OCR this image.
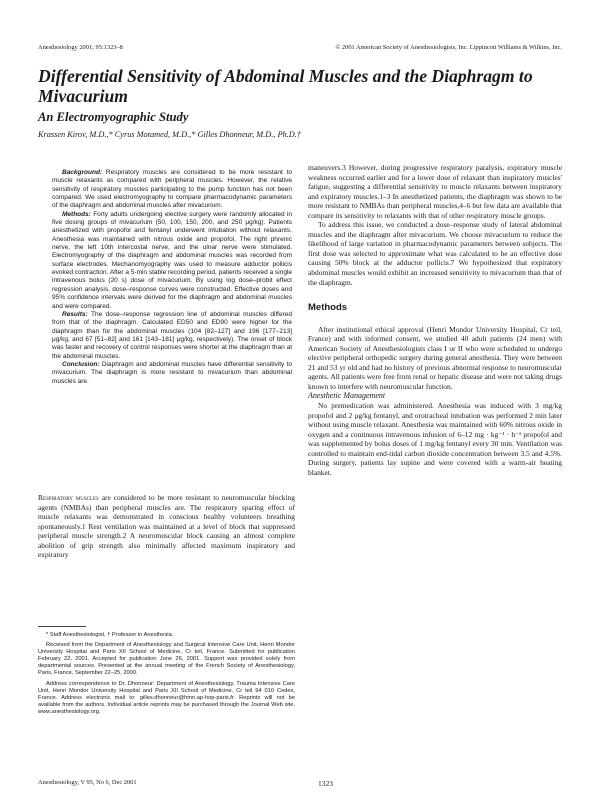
Anesthesiology 2001; 95:1323–8	© 2001 American Society of Anesthesiologists, Inc. Lippincott Williams & Wilkins, Inc.
Differential Sensitivity of Abdominal Muscles and the Diaphragm to Mivacurium
An Electromyographic Study
Krassen Kirov, M.D.,* Cyrus Motamed, M.D.,* Gilles Dhonneur, M.D., Ph.D.†

Background: Respiratory muscles are considered to be more resistant to muscle relaxants as compared with peripheral muscles. However, the relative sensitivity of respiratory muscles participating to the pump function has not been compared. We used electromyography to compare pharmacodynamic parameters of the diaphragm and abdominal muscles after mivacurium.

Methods: Forty adults undergoing elective surgery were randomly allocated in five dosing groups of mivacurium (50, 100, 150, 200, and 250 μg/kg). Patients anesthetized with propofol and fentanyl underwent intubation without relaxants. Anesthesia was maintained with nitrous oxide and propofol. The right phrenic nerve, the left 10th intercostal nerve, and the ulnar nerve were stimulated. Electromyography of the diaphragm and abdominal muscles was recorded from surface electrodes. Mechanomyography was used to measure adductor pollicis evoked contraction. After a 5-min stable recording period, patients received a single intravenous bolus (20 s) dose of mivacurium. By using log dose–probit effect regression analysis, dose–response curves were constructed. Effective doses and 95% confidence intervals were derived for the diaphragm and abdominal muscles and were compared.

Results: The dose–response regression line of abdominal muscles differed from that of the diaphragm. Calculated ED50 and ED90 were higher for the diaphragm than for the abdominal muscles (104 [82–127] and 196 [177–213] μg/kg, and 67 [51–82] and 161 [143–181] μg/kg, respectively). The onset of block was faster and recovery of control responses were shorter at the diaphragm than at the abdominal muscles.

Conclusion: Diaphragm and abdominal muscles have differential sensitivity to mivacurium. The diaphragm is more resistant to mivacurium than abdominal muscles are.

Respiratory muscles are considered to be more resistant to neuromuscular blocking agents (NMBAs) than peripheral muscles are. The respiratory sparing effect of muscle relaxants was demonstrated in conscious healthy volunteers breathing spontaneously.1 Rest ventilation was maintained at a level of block that suppressed peripheral muscle strength.2 A neuromuscular block causing an almost complete abolition of grip strength also minimally affected maximum inspiratory and expiratory

* Staff Anesthesiologist, † Professor in Anesthesia.

Received from the Department of Anesthesiology and Surgical Intensive Care Unit, Henri Mondor University Hospital and Paris XII School of Medicine, Cr teil, France. Submitted for publication February 22, 2001. Accepted for publication June 26, 2001. Support was provided solely from departmental sources. Presented at the annual meeting of the French Society of Anesthesiology, Paris, France, September 22–25, 2000.

Address correspondence to Dr. Dhonneur: Department of Anesthesiology, Trauma Intensive Care Unit, Henri Mondor University Hospital and Paris XII School of Medicine, Cr teil 94 010 Cedex, France. Address electronic mail to: gilles.dhonneur@hmn.ap-hop-paris.fr. Reprints will not be available from the authors. Individual article reprints may be purchased through the Journal Web site, www.anesthesiology.org.

maneuvers.3 However, during progressive respiratory paralysis, expiratory muscle weakness occurred earlier and for a lower dose of relaxant than inspiratory muscles' fatigue, suggesting a differential sensitivity to muscle relaxants between inspiratory and expiratory muscles.1–3 In anesthetized patients, the diaphragm was shown to be more resistant to NMBAs than peripheral muscles,4–6 but few data are available that compare its sensitivity to relaxants with that of other respiratory muscle groups.

To address this issue, we conducted a dose–response study of lateral abdominal muscles and the diaphragm after mivacurium. We choose mivacurium to reduce the likelihood of large variation in pharmacodynamic parameters between subjects. The first dose was selected to approximate what was calculated to be an effective dose causing 50% block at the adductor pollicis.7 We hypothesized that expiratory abdominal muscles would exhibit an increased sensitivity to mivacurium than that of the diaphragm.

Methods

After institutional ethical approval (Henri Mondor University Hospital, Cr teil, France) and with informed consent, we studied 40 adult patients (24 men) with American Society of Anesthesiologists class I or II who were scheduled to undergo elective peripheral orthopedic surgery during general anesthesia. They were between 21 and 53 yr old and had no history of previous abnormal response to neuromuscular agents. All patients were free from renal or hepatic disease and were not taking drugs known to interfere with neuromuscular function.

Anesthetic Management

No premedication was administered. Anesthesia was induced with 3 mg/kg propofol and 2 μg/kg fentanyl, and orotracheal intubation was performed 2 min later without using muscle relaxant. Anesthesia was maintained with 60% nitrous oxide in oxygen and a continuous intravenous infusion of 6–12 mg · kg⁻¹ · h⁻¹ propofol and was supplemented by bolus doses of 1 mg/kg fentanyl every 30 min. Ventilation was controlled to maintain end-tidal carbon dioxide concentration between 3.5 and 4.5%. During surgery, patients lay supine and were covered with a warm-air heating blanket.

Anesthesiology, V 95, No 6, Dec 2001	1323
